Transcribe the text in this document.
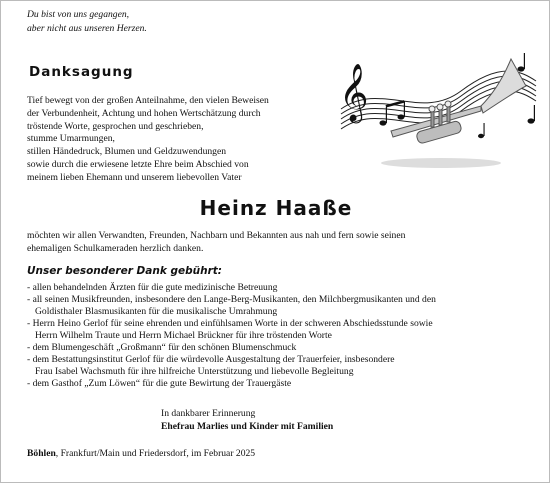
Du bist von uns gegangen,
aber nicht aus unseren Herzen.
Danksagung
Tief bewegt von der großen Anteilnahme, den vielen Beweisen
der Verbundenheit, Achtung und hohen Wertschätzung durch
tröstende Worte, gesprochen und geschrieben,
stumme Umarmungen,
stillen Händedruck, Blumen und Geldzuwendungen
sowie durch die erwiesene letzte Ehre beim Abschied von
meinem lieben Ehemann und unserem liebevollen Vater
𝄞
Heinz Haaße
möchten wir allen Verwandten, Freunden, Nachbarn und Bekannten aus nah und fern sowie seinen
ehemaligen Schulkameraden herzlich danken.
Unser besonderer Dank gebührt:
- allen behandelnden Ärzten für die gute medizinische Betreuung
- all seinen Musikfreunden, insbesondere den Lange-Berg-Musikanten, den Milchbergmusikanten und den
Goldisthaler Blasmusikanten für die musikalische Umrahmung
- Herrn Heino Gerlof für seine ehrenden und einfühlsamen Worte in der schweren Abschiedsstunde sowie
Herrn Wilhelm Traute und Herrn Michael Brückner für ihre tröstenden Worte
- dem Blumengeschäft „Großmann“ für den schönen Blumenschmuck
- dem Bestattungsinstitut Gerlof für die würdevolle Ausgestaltung der Trauerfeier, insbesondere
Frau Isabel Wachsmuth für ihre hilfreiche Unterstützung und liebevolle Begleitung
- dem Gasthof „Zum Löwen“ für die gute Bewirtung der Trauergäste
In dankbarer Erinnerung
Ehefrau Marlies und Kinder mit Familien
Böhlen, Frankfurt/Main und Friedersdorf, im Februar 2025
